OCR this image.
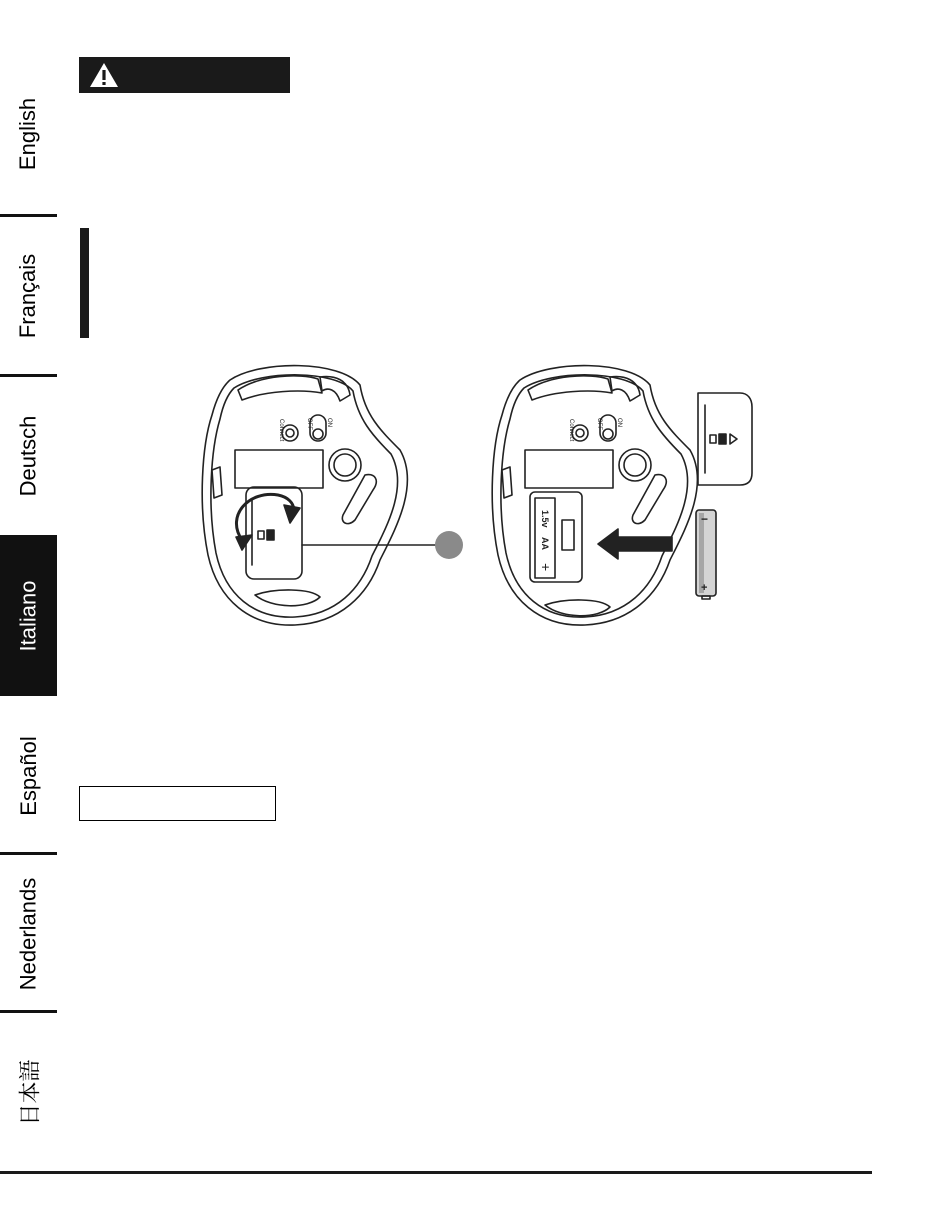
English
Français
Deutsch
Italiano
Español
Nederlands
日本語
OFF ON
Connect	OFF ON
Connect
1.5v
AA
+
−
+
